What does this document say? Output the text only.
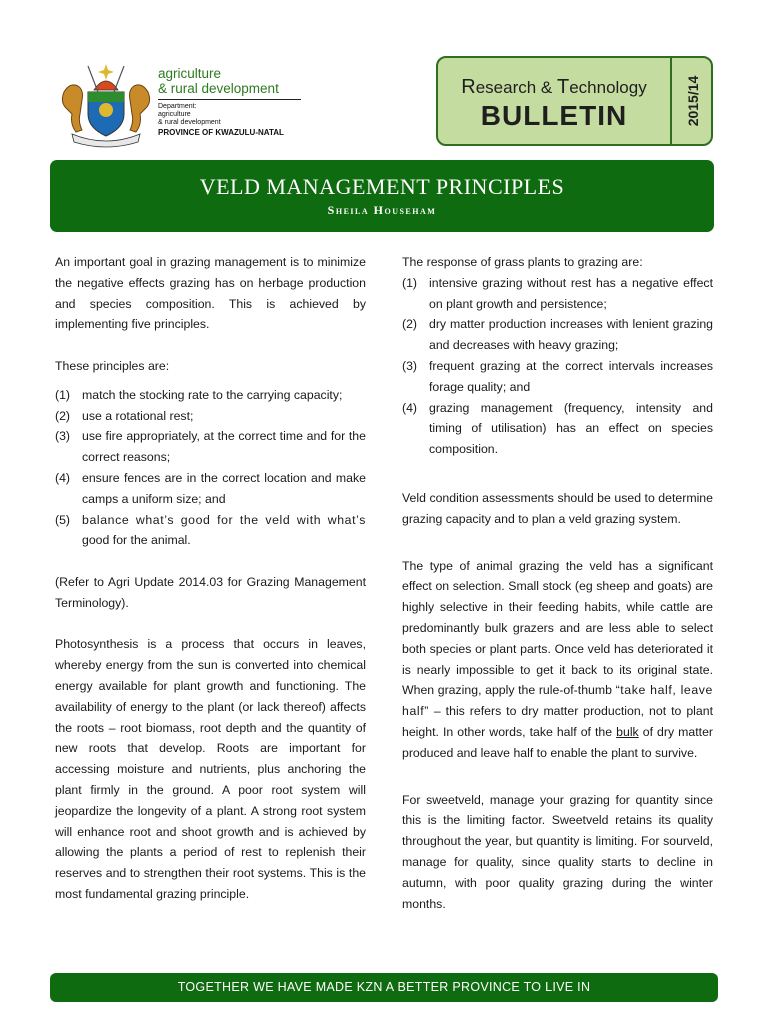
agriculture
& rural development
Department:
agriculture
& rural development
PROVINCE OF KWAZULU-NATAL
Research & Technology
BULLETIN	2015/14
VELD MANAGEMENT PRINCIPLES
Sheila Househam

An important goal in grazing management is to minimize the negative effects grazing has on herbage production and species composition. This is achieved by implementing five principles.

These principles are:

(1) match the stocking rate to the carrying capacity;
(2) use a rotational rest;
(3) use fire appropriately, at the correct time and for the correct reasons;
(4) ensure fences are in the correct location and make camps a uniform size; and
(5) balance what’s good for the veld with what’s good for the animal.

(Refer to Agri Update 2014.03 for Grazing Management Terminology).

Photosynthesis is a process that occurs in leaves, whereby energy from the sun is converted into chemical energy available for plant growth and functioning. The availability of energy to the plant (or lack thereof) affects the roots – root biomass, root depth and the quantity of new roots that develop. Roots are important for accessing moisture and nutrients, plus anchoring the plant firmly in the ground. A poor root system will jeopardize the longevity of a plant. A strong root system will enhance root and shoot growth and is achieved by allowing the plants a period of rest to replenish their reserves and to strengthen their root systems. This is the most fundamental grazing principle.

The response of grass plants to grazing are:

(1) intensive grazing without rest has a negative effect on plant growth and persistence;
(2) dry matter production increases with lenient grazing and decreases with heavy grazing;
(3) frequent grazing at the correct intervals increases forage quality; and
(4) grazing management (frequency, intensity and timing of utilisation) has an effect on species composition.

Veld condition assessments should be used to determine grazing capacity and to plan a veld grazing system.

The type of animal grazing the veld has a significant effect on selection. Small stock (eg sheep and goats) are highly selective in their feeding habits, while cattle are predominantly bulk grazers and are less able to select both species or plant parts. Once veld has deteriorated it is nearly impossible to get it back to its original state. When grazing, apply the rule-of-thumb “take half, leave half” – this refers to dry matter production, not to plant height. In other words, take half of the bulk of dry matter produced and leave half to enable the plant to survive.

For sweetveld, manage your grazing for quantity since this is the limiting factor. Sweetveld retains its quality throughout the year, but quantity is limiting. For sourveld, manage for quality, since quality starts to decline in autumn, with poor quality grazing during the winter months.

TOGETHER WE HAVE MADE KZN A BETTER PROVINCE TO LIVE IN
